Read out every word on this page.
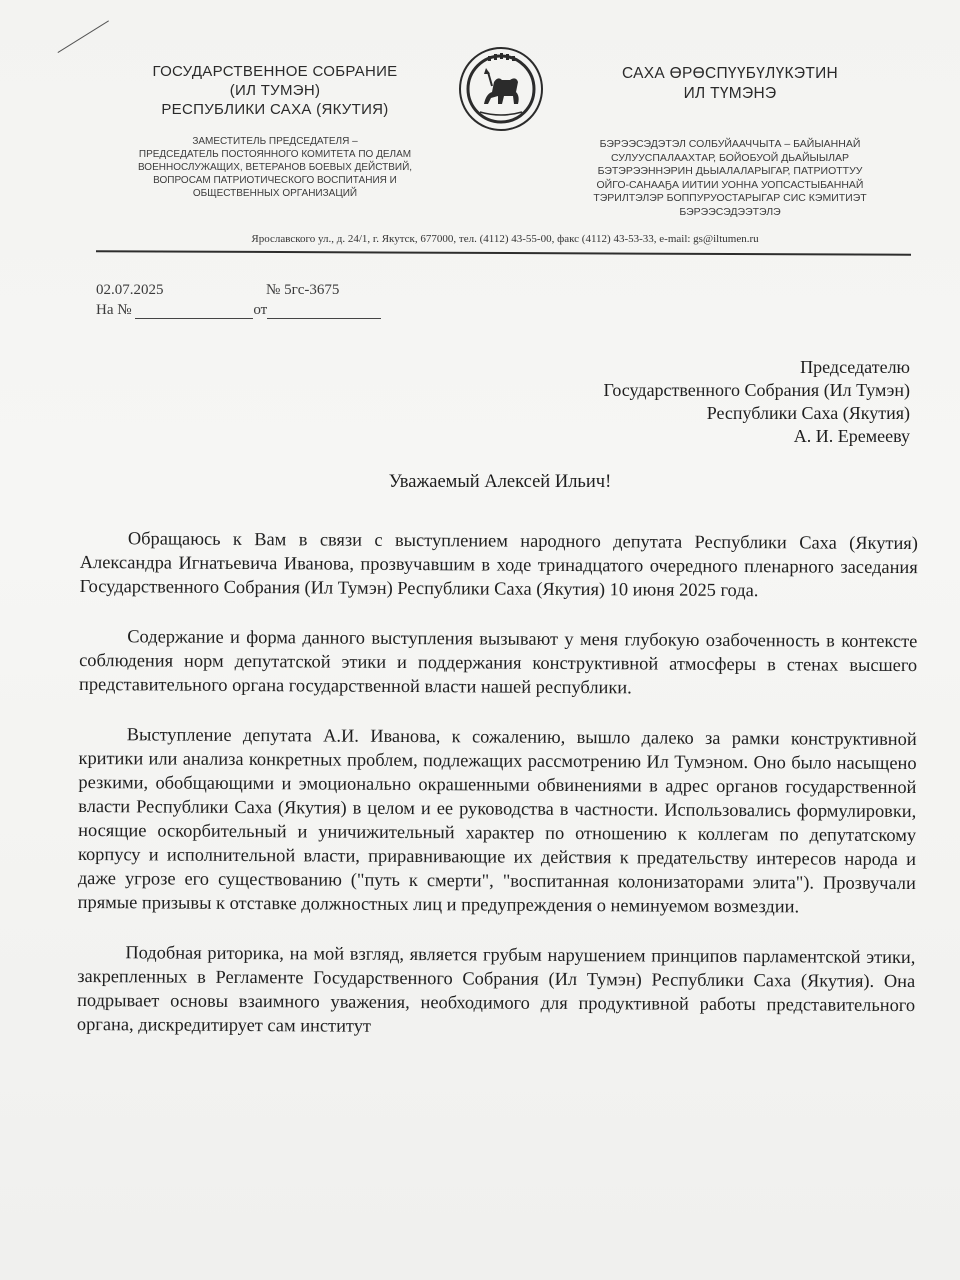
ГОСУДАРСТВЕННОЕ СОБРАНИЕ
(ИЛ ТУМЭН)
РЕСПУБЛИКИ САХА (ЯКУТИЯ)
ЗАМЕСТИТЕЛЬ ПРЕДСЕДАТЕЛЯ –
ПРЕДСЕДАТЕЛЬ ПОСТОЯННОГО КОМИТЕТА ПО ДЕЛАМ
ВОЕННОСЛУЖАЩИХ, ВЕТЕРАНОВ БОЕВЫХ ДЕЙСТВИЙ,
ВОПРОСАМ ПАТРИОТИЧЕСКОГО ВОСПИТАНИЯ И
ОБЩЕСТВЕННЫХ ОРГАНИЗАЦИЙ
САХА ӨРӨСПҮҮБҮЛҮКЭТИН
ИЛ ТҮМЭНЭ
БЭРЭЭСЭДЭТЭЛ СОЛБУЙААЧЧЫТА – БАЙЫАННАЙ
СУЛУУСПАЛААХТАР, БОЙОБУОЙ ДЬАЙЫЫЛАР
БЭТЭРЭЭННЭРИН ДЬЫАЛАЛАРЫГАР, ПАТРИОТТУУ
ОЙГО-САНААҔА ИИТИИ УОННА УОПСАСТЫБАННАЙ
ТЭРИЛТЭЛЭР БОППУРУОСТАРЫГАР СИС КЭМИТИЭТ
БЭРЭЭСЭДЭЭТЭЛЭ
Ярославского ул., д. 24/1, г. Якутск, 677000, тел. (4112) 43-55-00, факс (4112) 43-53-33, e-mail: gs@iltumen.ru
02.07.2025	№ 5гс-3675
На №	от
Председателю
Государственного Собрания (Ил Тумэн)
Республики Саха (Якутия)
А. И. Еремееву
Уважаемый Алексей Ильич!

Обращаюсь к Вам в связи с выступлением народного депутата Республики Саха (Якутия) Александра Игнатьевича Иванова, прозвучавшим в ходе тринадцатого очередного пленарного заседания Государственного Собрания (Ил Тумэн) Республики Саха (Якутия) 10 июня 2025 года.

Содержание и форма данного выступления вызывают у меня глубокую озабоченность в контексте соблюдения норм депутатской этики и поддержания конструктивной атмосферы в стенах высшего представительного органа государственной власти нашей республики.

Выступление депутата А.И. Иванова, к сожалению, вышло далеко за рамки конструктивной критики или анализа конкретных проблем, подлежащих рассмотрению Ил Тумэном. Оно было насыщено резкими, обобщающими и эмоционально окрашенными обвинениями в адрес органов государственной власти Республики Саха (Якутия) в целом и ее руководства в частности. Использовались формулировки, носящие оскорбительный и уничижительный характер по отношению к коллегам по депутатскому корпусу и исполнительной власти, приравнивающие их действия к предательству интересов народа и даже угрозе его существованию ("путь к смерти", "воспитанная колонизаторами элита"). Прозвучали прямые призывы к отставке должностных лиц и предупреждения о неминуемом возмездии.

Подобная риторика, на мой взгляд, является грубым нарушением принципов парламентской этики, закрепленных в Регламенте Государственного Собрания (Ил Тумэн) Республики Саха (Якутия). Она подрывает основы взаимного уважения, необходимого для продуктивной работы представительного органа, дискредитирует сам институт
